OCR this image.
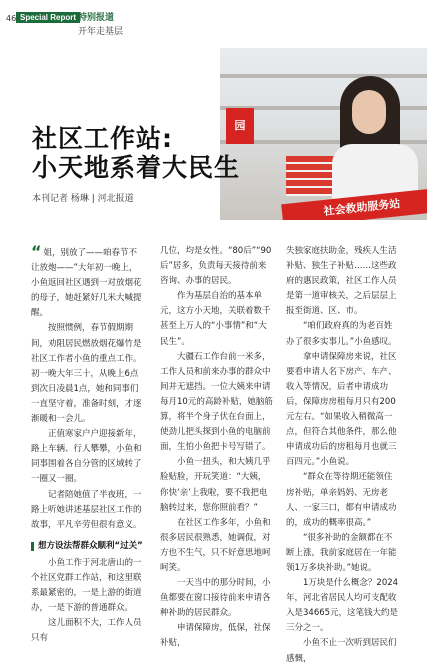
46 Special Report 特别报道
开年走基层
园
社会救助服务站
社区工作站:
小天地系着大民生
本刊记者 杨琳 | 河北报道

“ 姐，别放了——咱春节不让放炮——”大年初一晚上，小鱼返回社区遇到一对放烟花的母子，她赶紧好几米大喊提醒。

按照惯例，春节假期期间，劝阻居民燃放烟花爆竹是社区工作者小鱼的重点工作。初一晚大年三十，从晚上6点到次日凌晨1点，她和同事们一直坚守着，准备时刻，才逐渐暖和一会儿。

正值寒家户户迎接新年，路上车辆、行人攀攀，小鱼和同事围着各自分管的区域转了一圈又一圈。

记者陪她值了半夜班，一路上听她讲述基层社区工作的故事，平凡辛劳但很有意义。

想方设法帮群众顺利“过关”

小鱼工作于河北唐山的一个社区党群工作站，和这里联系最紧密的，一是上游的街道办，一是下游的普通群众。

这儿面积不大，工作人员只有

几位，均是女性。“80后”“90后”居多，负责每天接待前来咨询、办事的居民。

作为基层自治的基本单元，这方小天地，关联着数千甚至上万人的“小事情”和“大民生”。

大疆石工作台前一米多，工作人员和前来办事的群众中间并无遮挡。一位大姨来申请每月10元的高龄补贴，她脑筋算，将半个身子伏在台面上，使劲儿把头探到小鱼的电脑前面，生怕小鱼把卡号写错了。

小鱼一扭头，和大姨几乎脸贴脸，开玩笑道：“大姨，你快‘亲’上我啦，要不我把电脑转过来，您你照前看？”

在社区工作多年，小鱼和很多居民很熟悉，她调侃，对方也不生气，只不好意思地呵呵笑。

一天当中的那分时间，小鱼都要在窗口接待前来申请各种补助的居民群众。

申请保障房，低保，社保补贴，

失独家庭扶助金，残疾人生活补贴、独生子补贴……这些政府的惠民政策，社区工作人员是第一道审核关，之后层层上报至街道、区、市。

“咱们政府真的为老百姓办了很多实事儿。”小鱼感叹。

拿申请保障房来说，社区要看申请人名下房产、车产、收入等情况，后者申请成功后，保障房房租每月只有200元左右。“如果收入稍微高一点，但符合其他条件，那么他申请成功后的房租每月也就三百四元。”小鱼说。

“群众在等待期还能领住房补贴，单亲妈妈、无房老人、一家三口，都有申请成功的，成功的概率很高。”

“很多补助的金额都在不断上涨，我前家庭居在一年能领1万多块补助。”她说。

1万块是什么概念？2024年，河北省居民人均可支配收入是34665元，这笔钱大约是三分之一。

小鱼不止一次听到居民们感慨，
